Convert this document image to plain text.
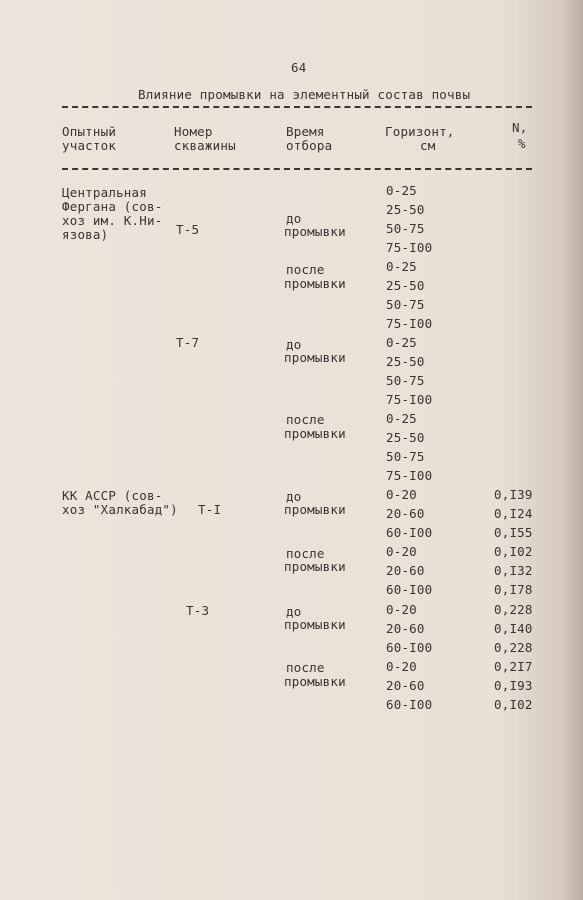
64
Влияние промывки на элементный состав почвы
Опытный
участок
Номер
скважины
Время
отбора
Горизонт,
см
N,
%
Центральная
Фергана (сов-
хоз им. К.Ни-
язова)
КК АССР (сов-
хоз "Халкабад")
Т-5
Т-7
Т-I
Т-3
до
промывки
после
промывки
до
промывки
после
промывки
до
промывки
после
промывки
до
промывки
после
промывки
0-25
25-50
50-75
75-I00
0-25
25-50
50-75
75-I00
0-25
25-50
50-75
75-I00
0-25
25-50
50-75
75-I00
0-20
20-60
60-I00
0-20
20-60
60-I00
0-20
20-60
60-I00
0-20
20-60
60-I00
0,I39
0,I24
0,I55
0,I02
0,I32
0,I78
0,228
0,I40
0,228
0,2I7
0,I93
0,I02
